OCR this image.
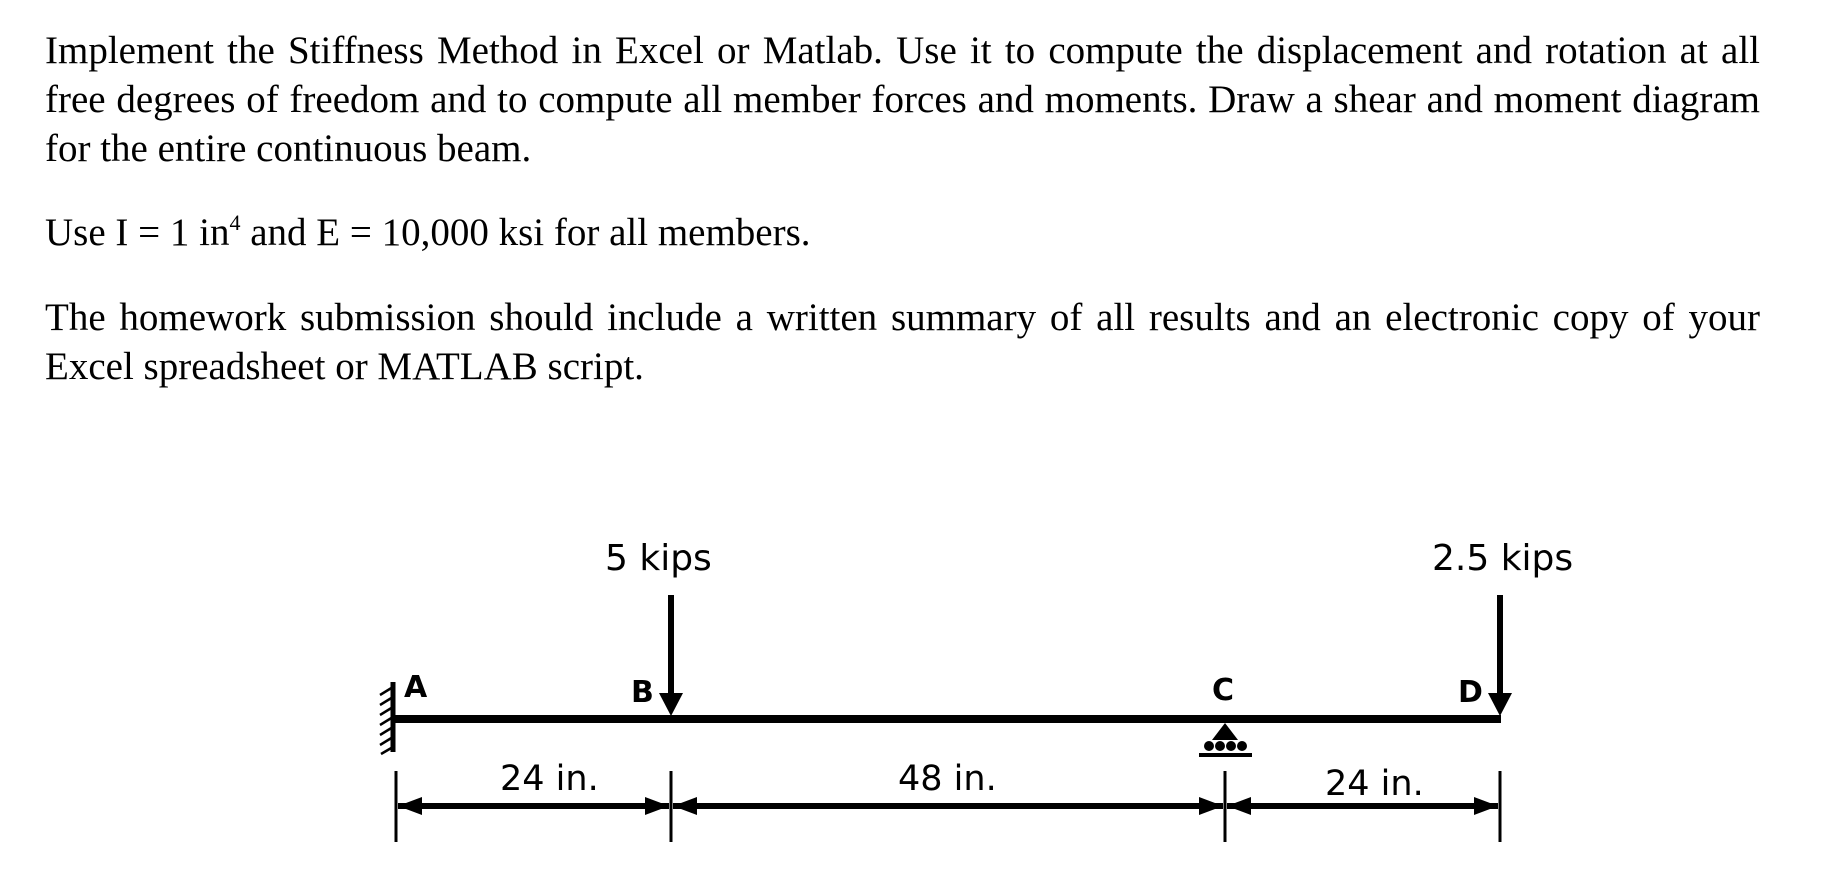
Implement the Stiffness Method in Excel or Matlab. Use it to compute the displacement and rotation at all free degrees of freedom and to compute all member forces and moments. Draw a shear and moment diagram for the entire continuous beam.

Use I = 1 $in^4$ and E = 10,000 ksi for all members.

The homework submission should include a written summary of all results and an electronic copy of your Excel spreadsheet or MATLAB script.

5 kips	2.5 kips
A	B	C	D
24 in.	48 in.	24 in.
